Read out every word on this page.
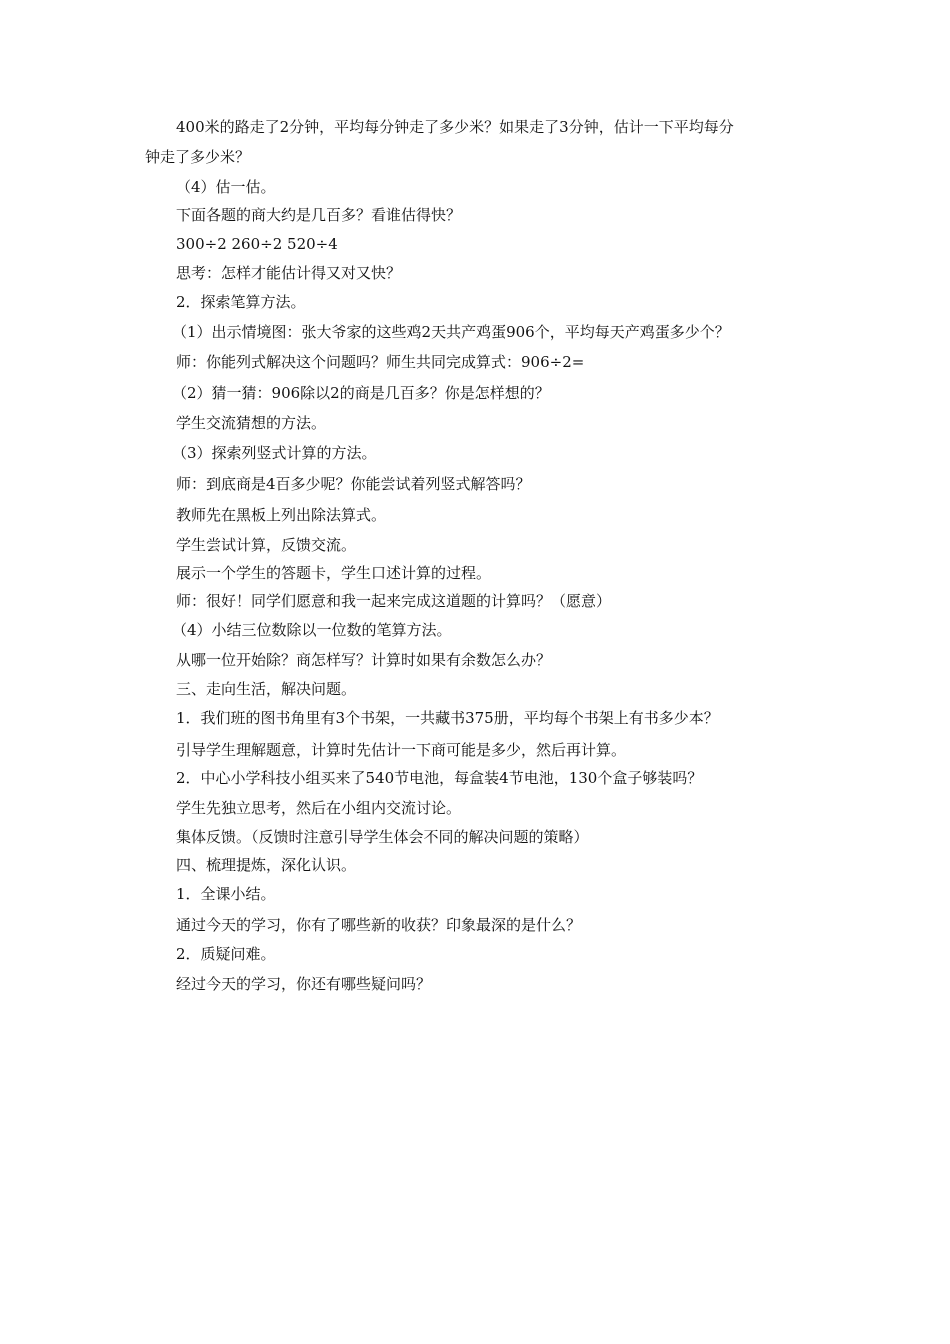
400米的路走了2分钟，平均每分钟走了多少米？如果走了3分钟，估计一下平均每分

钟走了多少米？

（4）估一估。

下面各题的商大约是几百多？看谁估得快？

300÷2 260÷2 520÷4

思考：怎样才能估计得又对又快？

2．探索笔算方法。

（1）出示情境图：张大爷家的这些鸡2天共产鸡蛋906个，平均每天产鸡蛋多少个？

师：你能列式解决这个问题吗？师生共同完成算式：906÷2=

（2）猜一猜：906除以2的商是几百多？你是怎样想的？

学生交流猜想的方法。

（3）探索列竖式计算的方法。

师：到底商是4百多少呢？你能尝试着列竖式解答吗？

教师先在黑板上列出除法算式。

学生尝试计算，反馈交流。

展示一个学生的答题卡，学生口述计算的过程。

师：很好！同学们愿意和我一起来完成这道题的计算吗？（愿意）

（4）小结三位数除以一位数的笔算方法。

从哪一位开始除？商怎样写？计算时如果有余数怎么办？

三、走向生活，解决问题。

1．我们班的图书角里有3个书架，一共藏书375册，平均每个书架上有书多少本？

引导学生理解题意，计算时先估计一下商可能是多少，然后再计算。

2．中心小学科技小组买来了540节电池，每盒装4节电池，130个盒子够装吗？

学生先独立思考，然后在小组内交流讨论。

集体反馈。（反馈时注意引导学生体会不同的解决问题的策略）

四、梳理提炼，深化认识。

1．全课小结。

通过今天的学习，你有了哪些新的收获？印象最深的是什么？

2．质疑问难。

经过今天的学习，你还有哪些疑问吗？
